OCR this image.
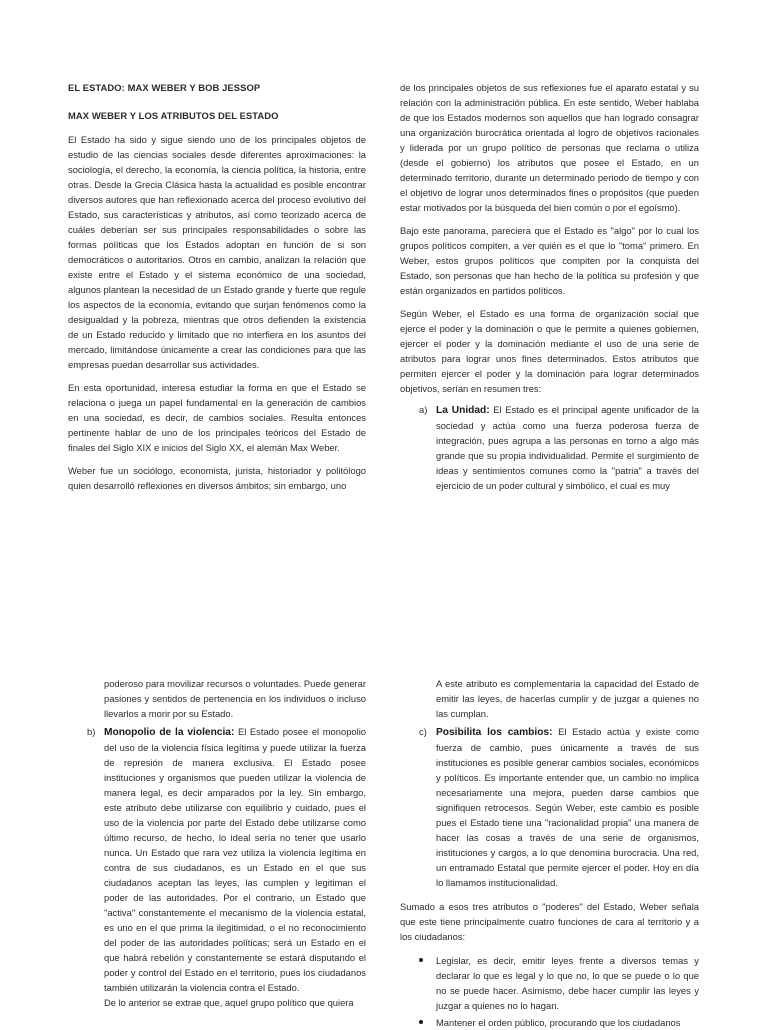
EL ESTADO: MAX WEBER Y BOB JESSOP
MAX WEBER Y LOS ATRIBUTOS DEL ESTADO

El Estado ha sido y sigue siendo uno de los principales objetos de estudio de las ciencias sociales desde diferentes aproximaciones: la sociología, el derecho, la economía, la ciencia política, la historia, entre otras. Desde la Grecia Clásica hasta la actualidad es posible encontrar diversos autores que han reflexionado acerca del proceso evolutivo del Estado, sus características y atributos, así como teorizado acerca de cuáles deberían ser sus principales responsabilidades o sobre las formas políticas que los Estados adoptan en función de si son democráticos o autoritarios. Otros en cambio, analizan la relación que existe entre el Estado y el sistema económico de una sociedad, algunos plantean la necesidad de un Estado grande y fuerte que regule los aspectos de la economía, evitando que surjan fenómenos como la desigualdad y la pobreza, mientras que otros defienden la existencia de un Estado reducido y limitado que no interfiera en los asuntos del mercado, limitándose únicamente a crear las condiciones para que las empresas puedan desarrollar sus actividades.

En esta oportunidad, interesa estudiar la forma en que el Estado se relaciona o juega un papel fundamental en la generación de cambios en una sociedad, es decir, de cambios sociales. Resulta entonces pertinente hablar de uno de los principales teóricos del Estado de finales del Siglo XIX e inicios del Siglo XX, el alemán Max Weber.

Weber fue un sociólogo, economista, jurista, historiador y politólogo quien desarrolló reflexiones en diversos ámbitos; sin embargo, uno

de los principales objetos de sus reflexiones fue el aparato estatal y su relación con la administración pública. En este sentido, Weber hablaba de que los Estados modernos son aquellos que han logrado consagrar una organización burocrática orientada al logro de objetivos racionales y liderada por un grupo político de personas que reclama o utiliza (desde el gobierno) los atributos que posee el Estado, en un determinado territorio, durante un determinado periodo de tiempo y con el objetivo de lograr unos determinados fines o propósitos (que pueden estar motivados por la búsqueda del bien común o por el egoísmo).

Bajo este panorama, pareciera que el Estado es "algo" por lo cual los grupos políticos compiten, a ver quién es el que lo "toma" primero. En Weber, estos grupos políticos que compiten por la conquista del Estado, son personas que han hecho de la política su profesión y que están organizados en partidos políticos.

Según Weber, el Estado es una forma de organización social que ejerce el poder y la dominación o que le permite a quienes gobiernen, ejercer el poder y la dominación mediante el uso de una serie de atributos para lograr unos fines determinados. Estos atributos que permiten ejercer el poder y la dominación para lograr determinados objetivos, serían en resumen tres:

a) La Unidad: El Estado es el principal agente unificador de la sociedad y actúa como una fuerza poderosa fuerza de integración, pues agrupa a las personas en torno a algo más grande que su propia individualidad. Permite el surgimiento de ideas y sentimientos comunes como la "patria" a través del ejercicio de un poder cultural y simbólico, el cual es muy
poderoso para movilizar recursos o voluntades. Puede generar pasiones y sentidos de pertenencia en los individuos o incluso llevarlos a morir por su Estado.
b) Monopolio de la violencia: El Estado posee el monopolio del uso de la violencia física legítima y puede utilizar la fuerza de represión de manera exclusiva. El Estado posee instituciones y organismos que pueden utilizar la violencia de manera legal, es decir amparados por la ley. Sin embargo, este atributo debe utilizarse con equilibrio y cuidado, pues el uso de la violencia por parte del Estado debe utilizarse como último recurso, de hecho, lo ideal sería no tener que usarlo nunca. Un Estado que rara vez utiliza la violencia legítima en contra de sus ciudadanos, es un Estado en el que sus ciudadanos aceptan las leyes, las cumplen y legitiman el poder de las autoridades. Por el contrario, un Estado que "activa" constantemente el mecanismo de la violencia estatal, es uno en el que prima la ilegitimidad, o el no reconocimiento del poder de las autoridades políticas; será un Estado en el que habrá rebelión y constantemente se estará disputando el poder y control del Estado en el territorio, pues los ciudadanos también utilizarán la violencia contra el Estado.
De lo anterior se extrae que, aquel grupo político que quiera
A este atributo es complementaria la capacidad del Estado de emitir las leyes, de hacerlas cumplir y de juzgar a quienes no las cumplan.
c) Posibilita los cambios: El Estado actúa y existe como fuerza de cambio, pues únicamente a través de sus instituciones es posible generar cambios sociales, económicos y políticos. Es importante entender que, un cambio no implica necesariamente una mejora, pueden darse cambios que signifiquen retrocesos. Según Weber, este cambio es posible pues el Estado tiene una "racionalidad propia" una manera de hacer las cosas a través de una serie de organismos, instituciones y cargos, a lo que denomina burocracia. Una red, un entramado Estatal que permite ejercer el poder. Hoy en día lo llamamos institucionalidad.

Sumado a esos tres atributos o "poderes" del Estado, Weber señala que este tiene principalmente cuatro funciones de cara al territorio y a los ciudadanos:

Legislar, es decir, emitir leyes frente a diversos temas y declarar lo que es legal y lo que no, lo que se puede o lo que no se puede hacer. Asimismo, debe hacer cumplir las leyes y juzgar a quienes no lo hagan.
Mantener el orden público, procurando que los ciudadanos
